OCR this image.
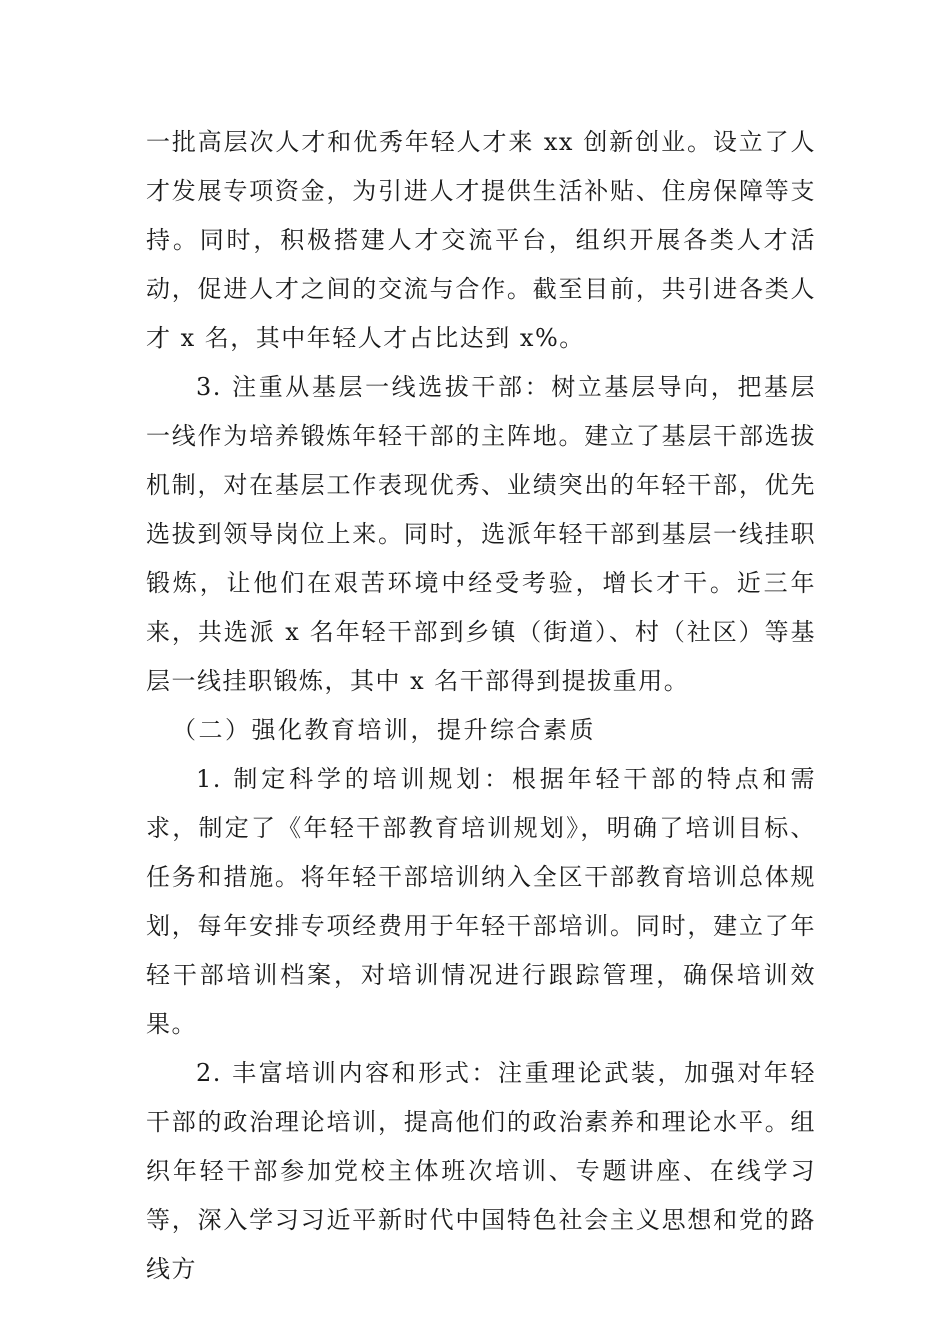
一批高层次人才和优秀年轻人才来 xx 创新创业。设立了人才发展专项资金，为引进人才提供生活补贴、住房保障等支持。同时，积极搭建人才交流平台，组织开展各类人才活动，促进人才之间的交流与合作。截至目前，共引进各类人才 x 名，其中年轻人才占比达到 x%。

3. 注重从基层一线选拔干部：树立基层导向，把基层一线作为培养锻炼年轻干部的主阵地。建立了基层干部选拔机制，对在基层工作表现优秀、业绩突出的年轻干部，优先选拔到领导岗位上来。同时，选派年轻干部到基层一线挂职锻炼，让他们在艰苦环境中经受考验，增长才干。近三年来，共选派 x 名年轻干部到乡镇（街道）、村（社区）等基层一线挂职锻炼，其中 x 名干部得到提拔重用。

（二）强化教育培训，提升综合素质

1. 制定科学的培训规划：根据年轻干部的特点和需求，制定了《年轻干部教育培训规划》，明确了培训目标、任务和措施。将年轻干部培训纳入全区干部教育培训总体规划，每年安排专项经费用于年轻干部培训。同时，建立了年轻干部培训档案，对培训情况进行跟踪管理，确保培训效果。

2. 丰富培训内容和形式：注重理论武装，加强对年轻干部的政治理论培训，提高他们的政治素养和理论水平。组织年轻干部参加党校主体班次培训、专题讲座、在线学习等，深入学习习近平新时代中国特色社会主义思想和党的路线方
